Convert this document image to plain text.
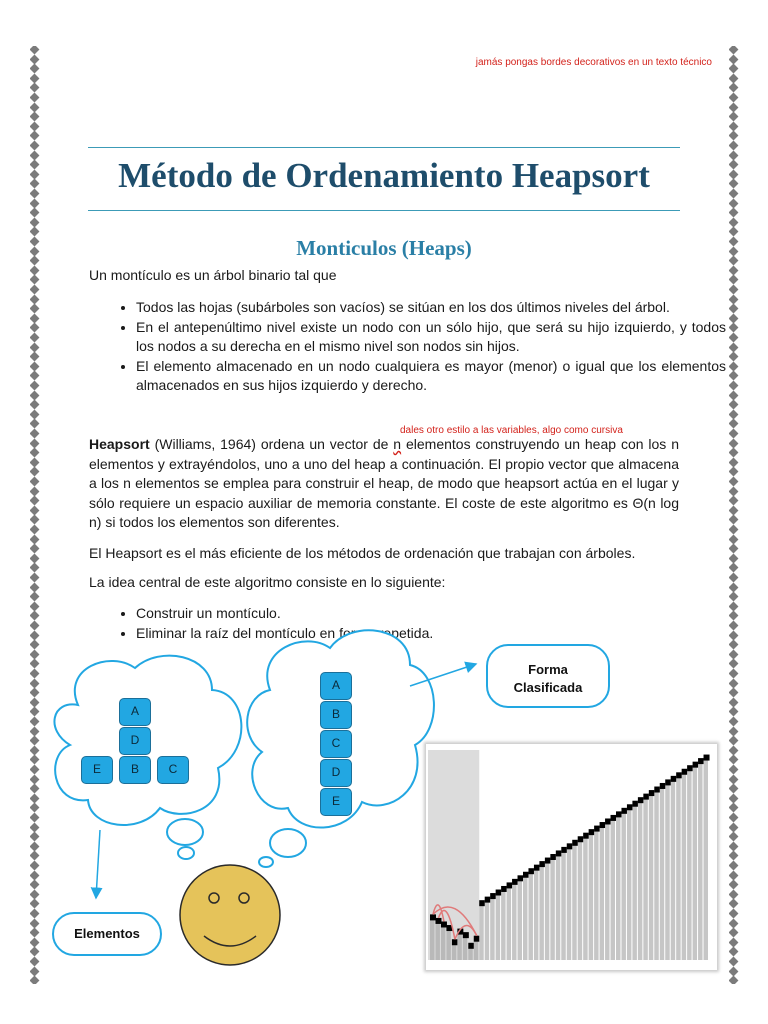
jamás pongas bordes decorativos en un texto técnico
Método de Ordenamiento Heapsort
Monticulos (Heaps)
Un montículo es un árbol binario tal que
• Todos las hojas (subárboles son vacíos) se sitúan en los dos últimos niveles del árbol.
• En el antepenúltimo nivel existe un nodo con un sólo hijo, que será su hijo izquierdo, y todos los nodos a su derecha en el mismo nivel son nodos sin hijos.
• El elemento almacenado en un nodo cualquiera es mayor (menor) o igual que los elementos almacenados en sus hijos izquierdo y derecho.
dales otro estilo a las variables, algo como cursiva
Heapsort (Williams, 1964) ordena un vector de n elementos construyendo un heap con los n elementos y extrayéndolos, uno a uno del heap a continuación. El propio vector que almacena a los n elementos se emplea para construir el heap, de modo que heapsort actúa en el lugar y sólo requiere un espacio auxiliar de memoria constante. El coste de este algoritmo es Θ(n log n) si todos los elementos son diferentes.
El Heapsort es el más eficiente de los métodos de ordenación que trabajan con árboles.
La idea central de este algoritmo consiste en lo siguiente:
• Construir un montículo.
• Eliminar la raíz del montículo en forma repetida.
A
D
E	B	C
A
B
C
D
E
Forma
Clasificada
Elementos
